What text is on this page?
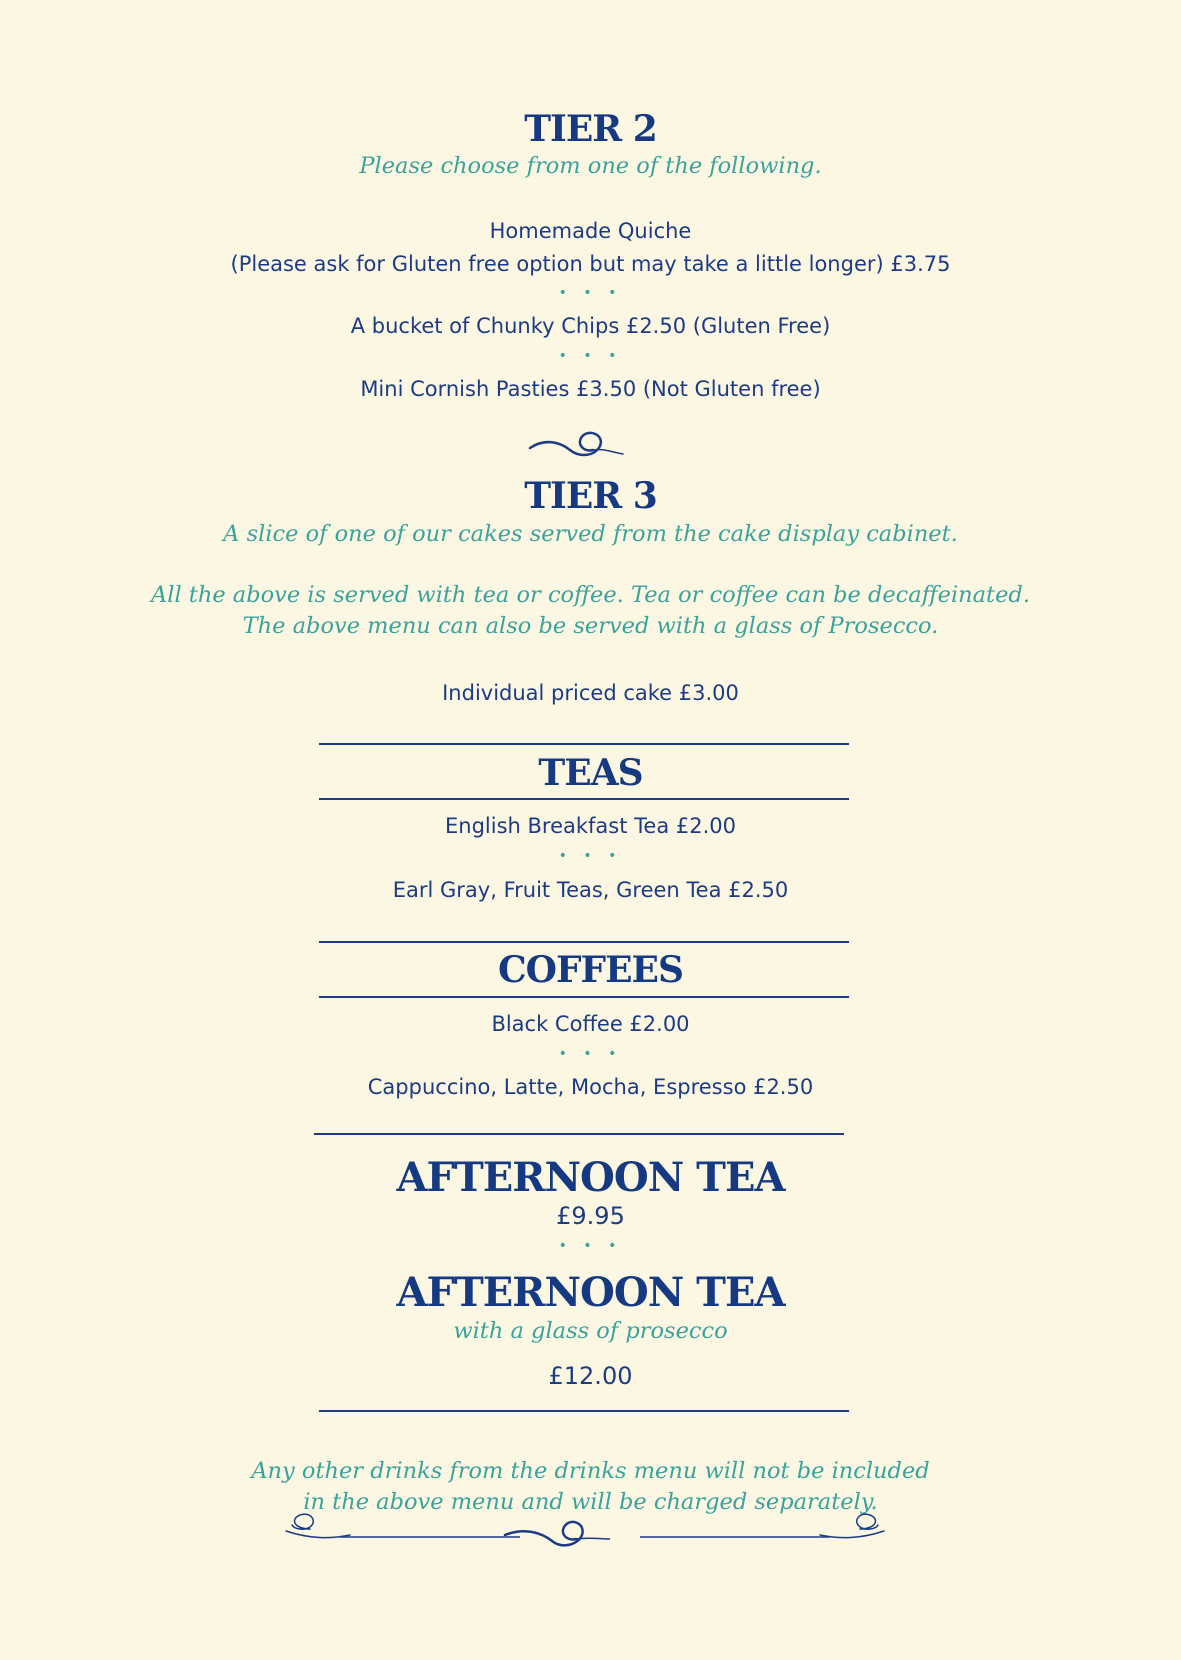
TIER 2
Please choose from one of the following.
Homemade Quiche
(Please ask for Gluten free option but may take a little longer) £3.75
• • •
A bucket of Chunky Chips £2.50 (Gluten Free)
• • •
Mini Cornish Pasties £3.50 (Not Gluten free)
TIER 3
A slice of one of our cakes served from the cake display cabinet.
All the above is served with tea or coffee. Tea or coffee can be decaffeinated.
The above menu can also be served with a glass of Prosecco.
Individual priced cake £3.00
TEAS
English Breakfast Tea £2.00
• • •
Earl Gray, Fruit Teas, Green Tea £2.50
COFFEES
Black Coffee £2.00
• • •
Cappuccino, Latte, Mocha, Espresso £2.50
AFTERNOON TEA
£9.95
• • •
AFTERNOON TEA
with a glass of prosecco
£12.00
Any other drinks from the drinks menu will not be included
in the above menu and will be charged separately.
